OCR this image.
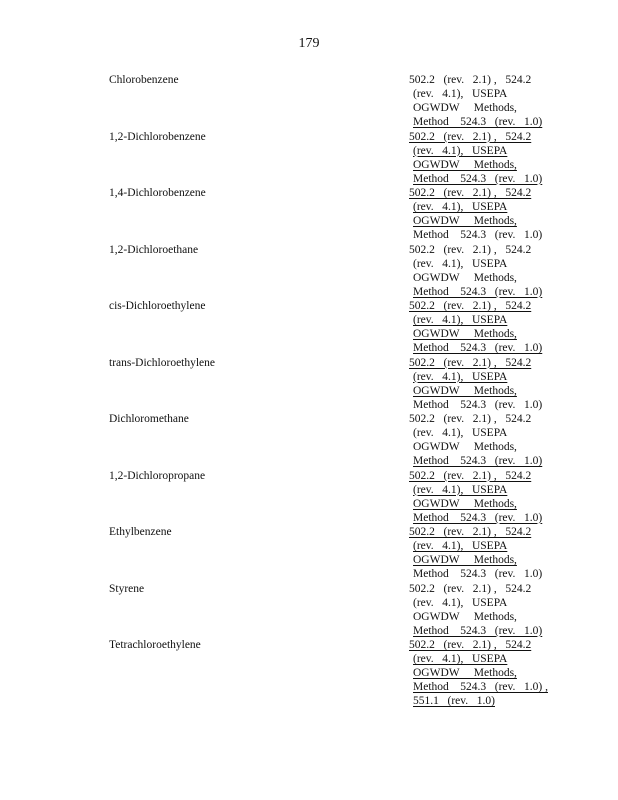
179
Chlorobenzene	502.2   (rev.   2.1) ,   524.2
(rev.   4.1),   USEPA
OGWDW     Methods,
Method    524.3   (rev.   1.0)
1,2-Dichlorobenzene	502.2   (rev.   2.1) ,   524.2
(rev.   4.1),   USEPA
OGWDW     Methods,
Method    524.3   (rev.   1.0)
1,4-Dichlorobenzene	502.2   (rev.   2.1) ,   524.2
(rev.   4.1),   USEPA
OGWDW     Methods,
Method    524.3   (rev.   1.0)
1,2-Dichloroethane	502.2   (rev.   2.1) ,   524.2
(rev.   4.1),   USEPA
OGWDW     Methods,
Method    524.3   (rev.   1.0)
cis-Dichloroethylene	502.2   (rev.   2.1) ,   524.2
(rev.   4.1),   USEPA
OGWDW     Methods,
Method    524.3   (rev.   1.0)
trans-Dichloroethylene	502.2   (rev.   2.1) ,   524.2
(rev.   4.1),   USEPA
OGWDW     Methods,
Method    524.3   (rev.   1.0)
Dichloromethane	502.2   (rev.   2.1) ,   524.2
(rev.   4.1),   USEPA
OGWDW     Methods,
Method    524.3   (rev.   1.0)
1,2-Dichloropropane	502.2   (rev.   2.1) ,   524.2
(rev.   4.1),   USEPA
OGWDW     Methods,
Method    524.3   (rev.   1.0)
Ethylbenzene	502.2   (rev.   2.1) ,   524.2
(rev.   4.1),   USEPA
OGWDW     Methods,
Method    524.3   (rev.   1.0)
Styrene	502.2   (rev.   2.1) ,   524.2
(rev.   4.1),   USEPA
OGWDW     Methods,
Method    524.3   (rev.   1.0)
Tetrachloroethylene	502.2   (rev.   2.1) ,   524.2
(rev.   4.1),   USEPA
OGWDW     Methods,
Method    524.3   (rev.   1.0) ,
551.1   (rev.   1.0)
